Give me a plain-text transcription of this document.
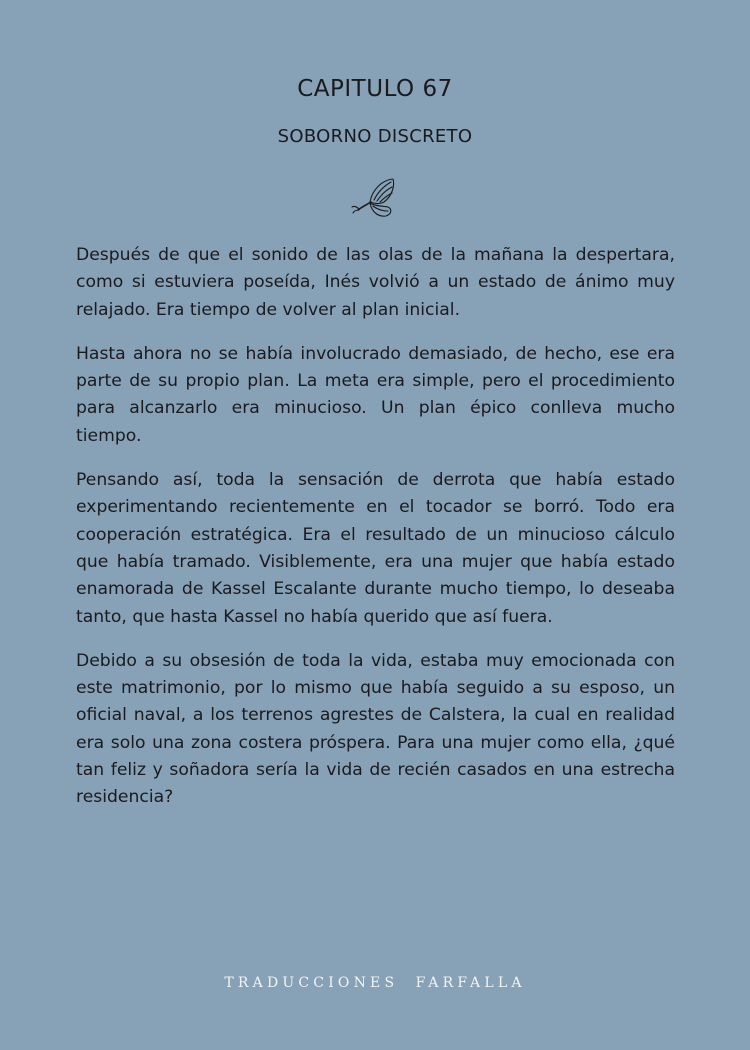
CAPITULO 67
SOBORNO DISCRETO

Después de que el sonido de las olas de la mañana la despertara, como si estuviera poseída, Inés volvió a un estado de ánimo muy relajado. Era tiempo de volver al plan inicial.

Hasta ahora no se había involucrado demasiado, de hecho, ese era parte de su propio plan. La meta era simple, pero el procedimiento para alcanzarlo era minucioso. Un plan épico conlleva mucho tiempo.

Pensando así, toda la sensación de derrota que había estado experimentando recientemente en el tocador se borró. Todo era cooperación estratégica. Era el resultado de un minucioso cálculo que había tramado. Visiblemente, era una mujer que había estado enamorada de Kassel Escalante durante mucho tiempo, lo deseaba tanto, que hasta Kassel no había querido que así fuera.

Debido a su obsesión de toda la vida, estaba muy emocionada con este matrimonio, por lo mismo que había seguido a su esposo, un oficial naval, a los terrenos agrestes de Calstera, la cual en realidad era solo una zona costera próspera. Para una mujer como ella, ¿qué tan feliz y soñadora sería la vida de recién casados en una estrecha residencia?

TRADUCCIONES  FARFALLA
